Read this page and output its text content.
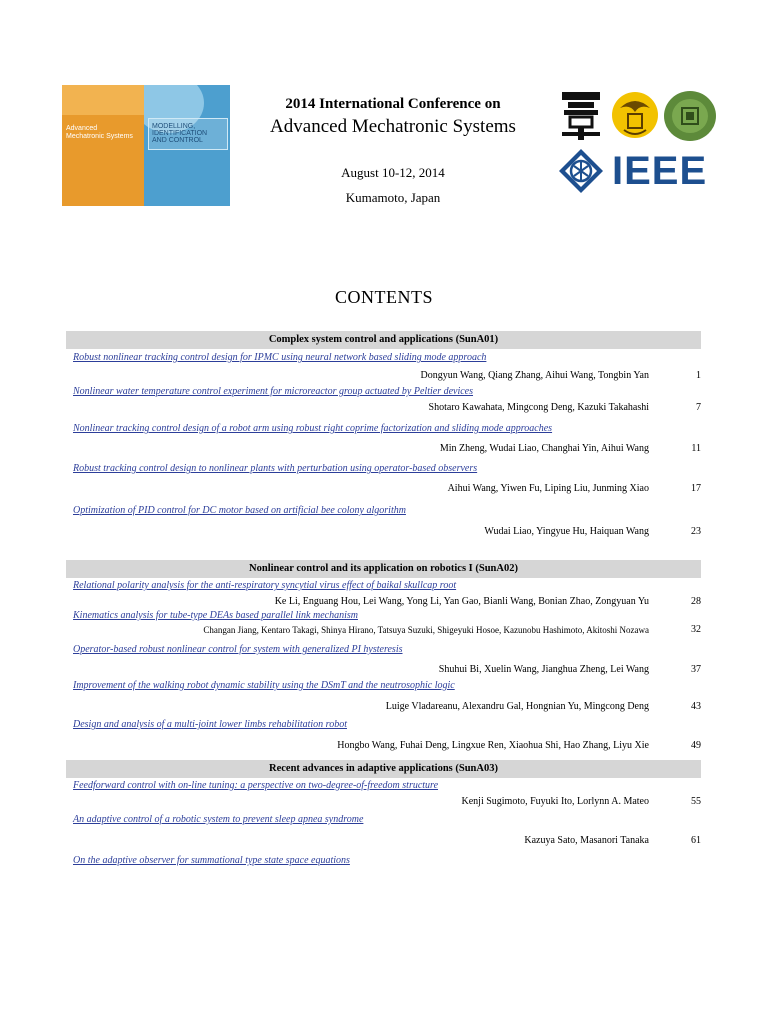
Advanced
Mechatronic Systems
MODELLING,
IDENTIFICATION
AND CONTROL
2014 International Conference on
Advanced Mechatronic Systems
August 10-12, 2014
Kumamoto, Japan
IEEE
CONTENTS
Complex system control and applications (SunA01)
Robust nonlinear tracking control design for IPMC using neural network based sliding mode approach
Dongyun Wang, Qiang Zhang, Aihui Wang, Tongbin Yan	1
Nonlinear water temperature control experiment for microreactor group actuated by Peltier devices
Shotaro Kawahata, Mingcong Deng, Kazuki Takahashi	7
Nonlinear tracking control design of a robot arm using robust right coprime factorization and sliding mode approaches
Min Zheng, Wudai Liao, Changhai Yin, Aihui Wang	11
Robust tracking control design to nonlinear plants with perturbation using operator-based observers
Aihui Wang, Yiwen Fu, Liping Liu, Junming Xiao	17
Optimization of PID control for DC motor based on artificial bee colony algorithm
Wudai Liao, Yingyue Hu, Haiquan Wang	23
Nonlinear control and its application on robotics I (SunA02)
Relational polarity analysis for the anti-respiratory syncytial virus effect of baikal skullcap root
Ke Li, Enguang Hou, Lei Wang, Yong Li, Yan Gao, Bianli Wang, Bonian Zhao, Zongyuan Yu	28
Kinematics analysis for tube-type DEAs based parallel link mechanism
Changan Jiang, Kentaro Takagi, Shinya Hirano, Tatsuya Suzuki, Shigeyuki Hosoe, Kazunobu Hashimoto, Akitoshi Nozawa	32
Operator-based robust nonlinear control for system with generalized PI hysteresis
Shuhui Bi, Xuelin Wang, Jianghua Zheng, Lei Wang	37
Improvement of the walking robot dynamic stability using the DSmT and the neutrosophic logic
Luige Vladareanu, Alexandru Gal, Hongnian Yu, Mingcong Deng	43
Design and analysis of a multi-joint lower limbs rehabilitation robot
Hongbo Wang, Fuhai Deng, Lingxue Ren, Xiaohua Shi, Hao Zhang, Liyu Xie	49
Recent advances in adaptive applications (SunA03)
Feedforward control with on-line tuning: a perspective on two-degree-of-freedom structure
Kenji Sugimoto, Fuyuki Ito, Lorlynn A. Mateo	55
An adaptive control of a robotic system to prevent sleep apnea syndrome
Kazuya Sato, Masanori Tanaka	61
On the adaptive observer for summational type state space equations
